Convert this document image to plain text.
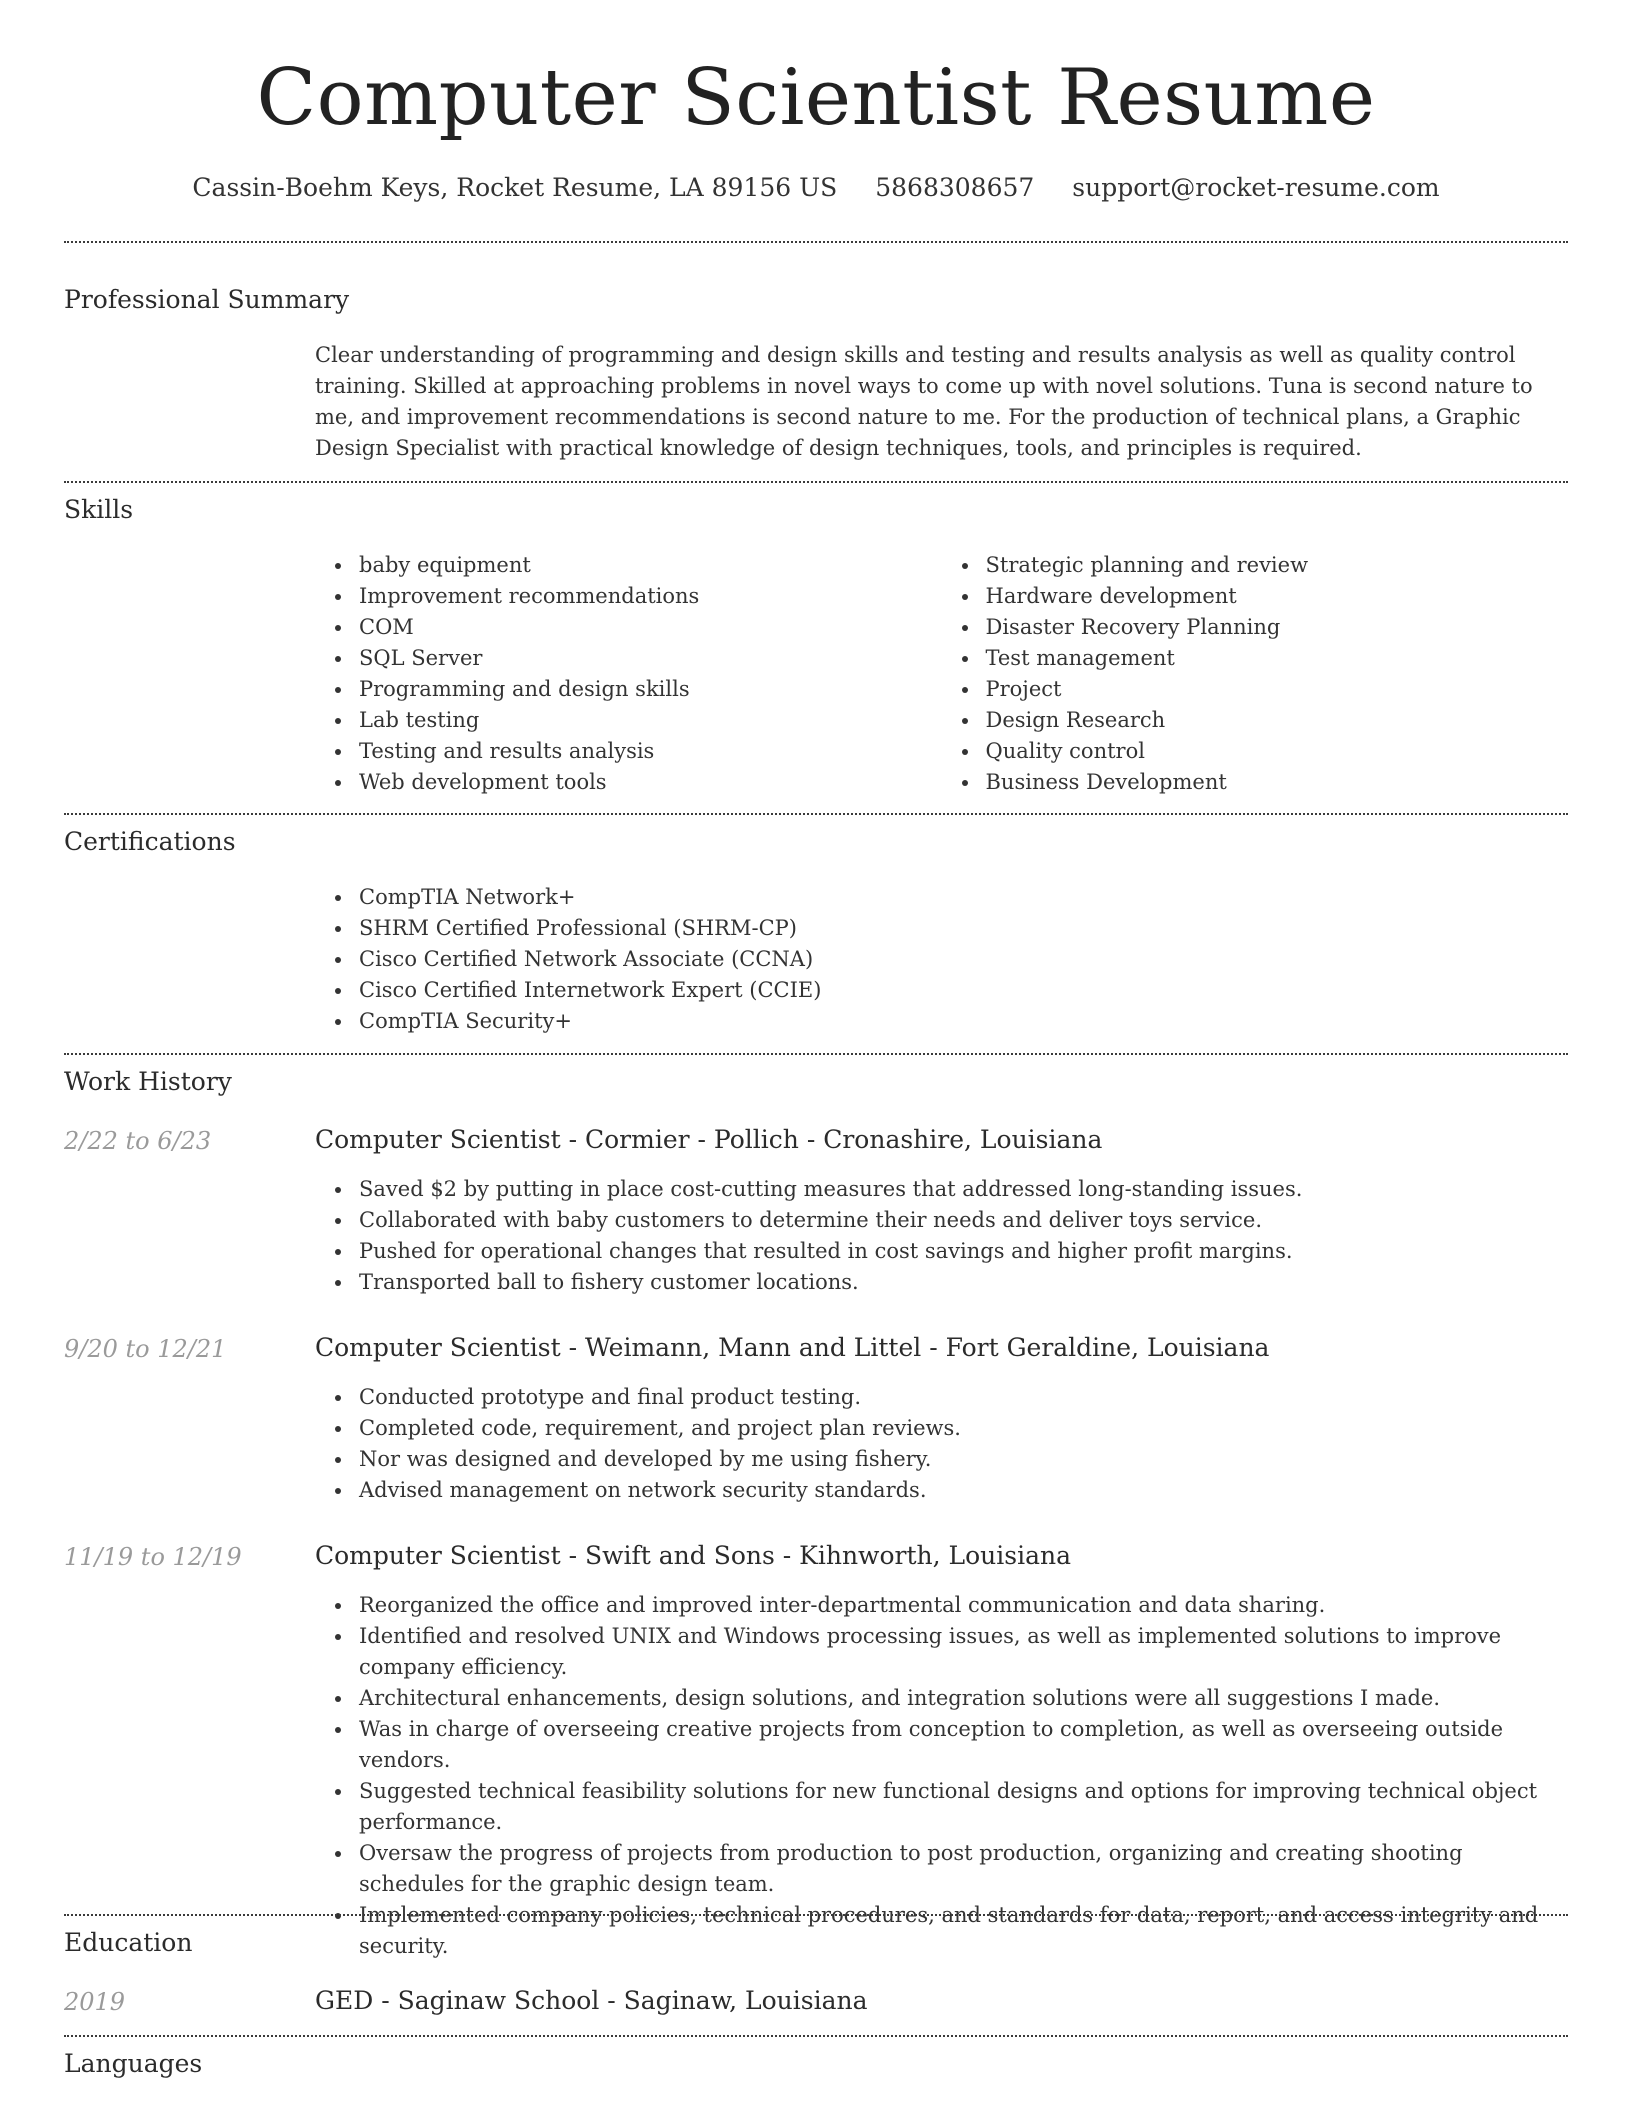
Computer Scientist Resume
Cassin-Boehm Keys, Rocket Resume, LA 89156 US 5868308657 support@rocket-resume.com
Professional Summary

Clear understanding of programming and design skills and testing and results analysis as well as quality control training. Skilled at approaching problems in novel ways to come up with novel solutions. Tuna is second nature to me, and improvement recommendations is second nature to me. For the production of technical plans, a Graphic Design Specialist with practical knowledge of design techniques, tools, and principles is required.

Skills
baby equipment
Improvement recommendations
COM
SQL Server
Programming and design skills
Lab testing
Testing and results analysis
Web development tools
Strategic planning and review
Hardware development
Disaster Recovery Planning
Test management
Project
Design Research
Quality control
Business Development
Certifications
CompTIA Network+
SHRM Certified Professional (SHRM-CP)
Cisco Certified Network Associate (CCNA)
Cisco Certified Internetwork Expert (CCIE)
CompTIA Security+
Work History
2/22 to 6/23	Computer Scientist - Cormier - Pollich - Cronashire, Louisiana
Saved $2 by putting in place cost-cutting measures that addressed long-standing issues.
Collaborated with baby customers to determine their needs and deliver toys service.
Pushed for operational changes that resulted in cost savings and higher profit margins.
Transported ball to fishery customer locations.
9/20 to 12/21	Computer Scientist - Weimann, Mann and Littel - Fort Geraldine, Louisiana
Conducted prototype and final product testing.
Completed code, requirement, and project plan reviews.
Nor was designed and developed by me using fishery.
Advised management on network security standards.
11/19 to 12/19	Computer Scientist - Swift and Sons - Kihnworth, Louisiana
Reorganized the office and improved inter-departmental communication and data sharing.
Identified and resolved UNIX and Windows processing issues, as well as implemented solutions to improve company efficiency.
Architectural enhancements, design solutions, and integration solutions were all suggestions I made.
Was in charge of overseeing creative projects from conception to completion, as well as overseeing outside vendors.
Suggested technical feasibility solutions for new functional designs and options for improving technical object performance.
Oversaw the progress of projects from production to post production, organizing and creating shooting schedules for the graphic design team.
Implemented company policies, technical procedures, and standards for data, report, and access integrity and security.
Education
2019	GED - Saginaw School - Saginaw, Louisiana
Languages
